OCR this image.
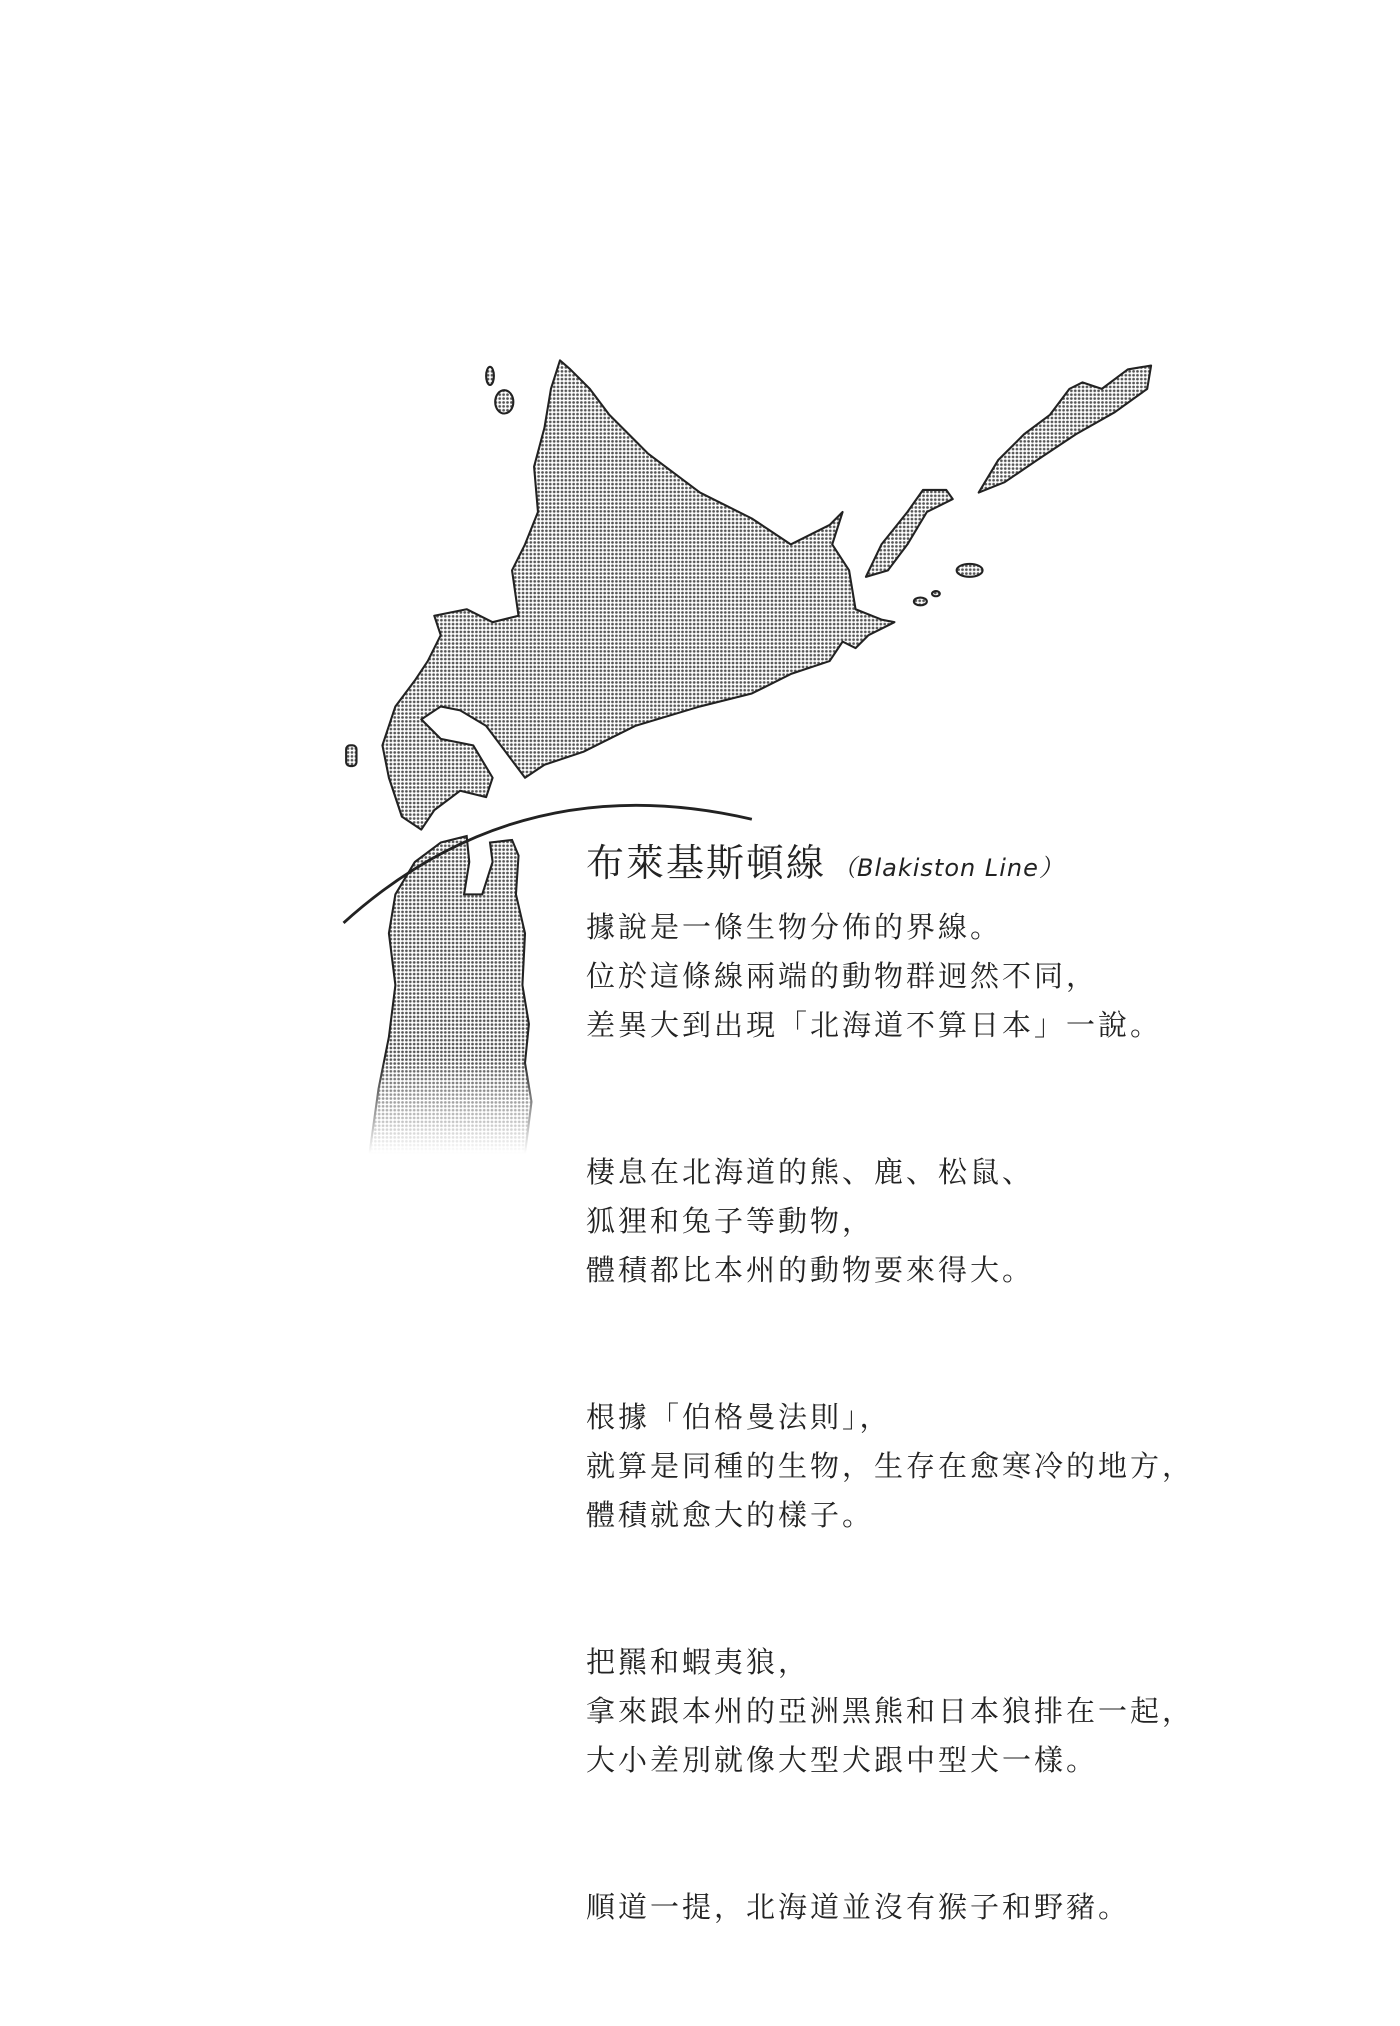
布萊基斯頓線 （Blakiston Line）
據說是一條生物分佈的界線。
位於這條線兩端的動物群迥然不同，
差異大到出現「北海道不算日本」一說。
棲息在北海道的熊、鹿、松鼠、
狐狸和兔子等動物，
體積都比本州的動物要來得大。
根據「伯格曼法則」，
就算是同種的生物，生存在愈寒冷的地方，
體積就愈大的樣子。
把羆和蝦夷狼，
拿來跟本州的亞洲黑熊和日本狼排在一起，
大小差別就像大型犬跟中型犬一樣。
順道一提，北海道並沒有猴子和野豬。
